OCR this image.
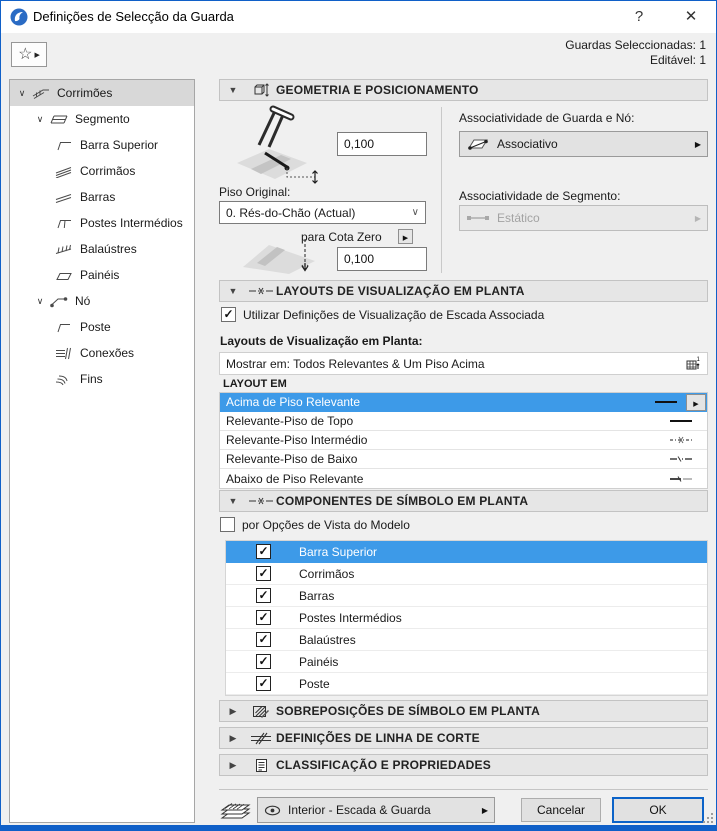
Definições de Selecção da Guarda	?	✕
☆ ▶
Guardas Seleccionadas: 1
Editável: 1
∨	Corrimões
∨	Segmento
Barra Superior
Corrimãos
Barras
Postes Intermédios
Balaústres
Painéis
∨	Nó
Poste
Conexões
Fins
▼	GEOMETRIA E POSICIONAMENTO
0,100
Associatividade de Guarda e Nó:
Associativo	▶
Piso Original:
0. Rés-do-Chão (Actual)	∨
para Cota Zero	▶
0,100
Associatividade de Segmento:
Estático	▶
▼	LAYOUTS DE VISUALIZAÇÃO EM PLANTA
✓ Utilizar Definições de Visualização de Escada Associada
Layouts de Visualização em Planta:
Mostrar em: Todos Relevantes & Um Piso Acima	1
LAYOUT EM
Acima de Piso Relevante	▶
Relevante-Piso de Topo
Relevante-Piso Intermédio
Relevante-Piso de Baixo
Abaixo de Piso Relevante
▼	COMPONENTES DE SÍMBOLO EM PLANTA
por Opções de Vista do Modelo
✓	Barra Superior
✓	Corrimãos
✓	Barras
✓	Postes Intermédios
✓	Balaústres
✓	Painéis
✓	Poste
▶	SOBREPOSIÇÕES DE SÍMBOLO EM PLANTA
▶	DEFINIÇÕES DE LINHA DE CORTE
▶	CLASSIFICAÇÃO E PROPRIEDADES
Interior - Escada & Guarda	▶	Cancelar	OK
